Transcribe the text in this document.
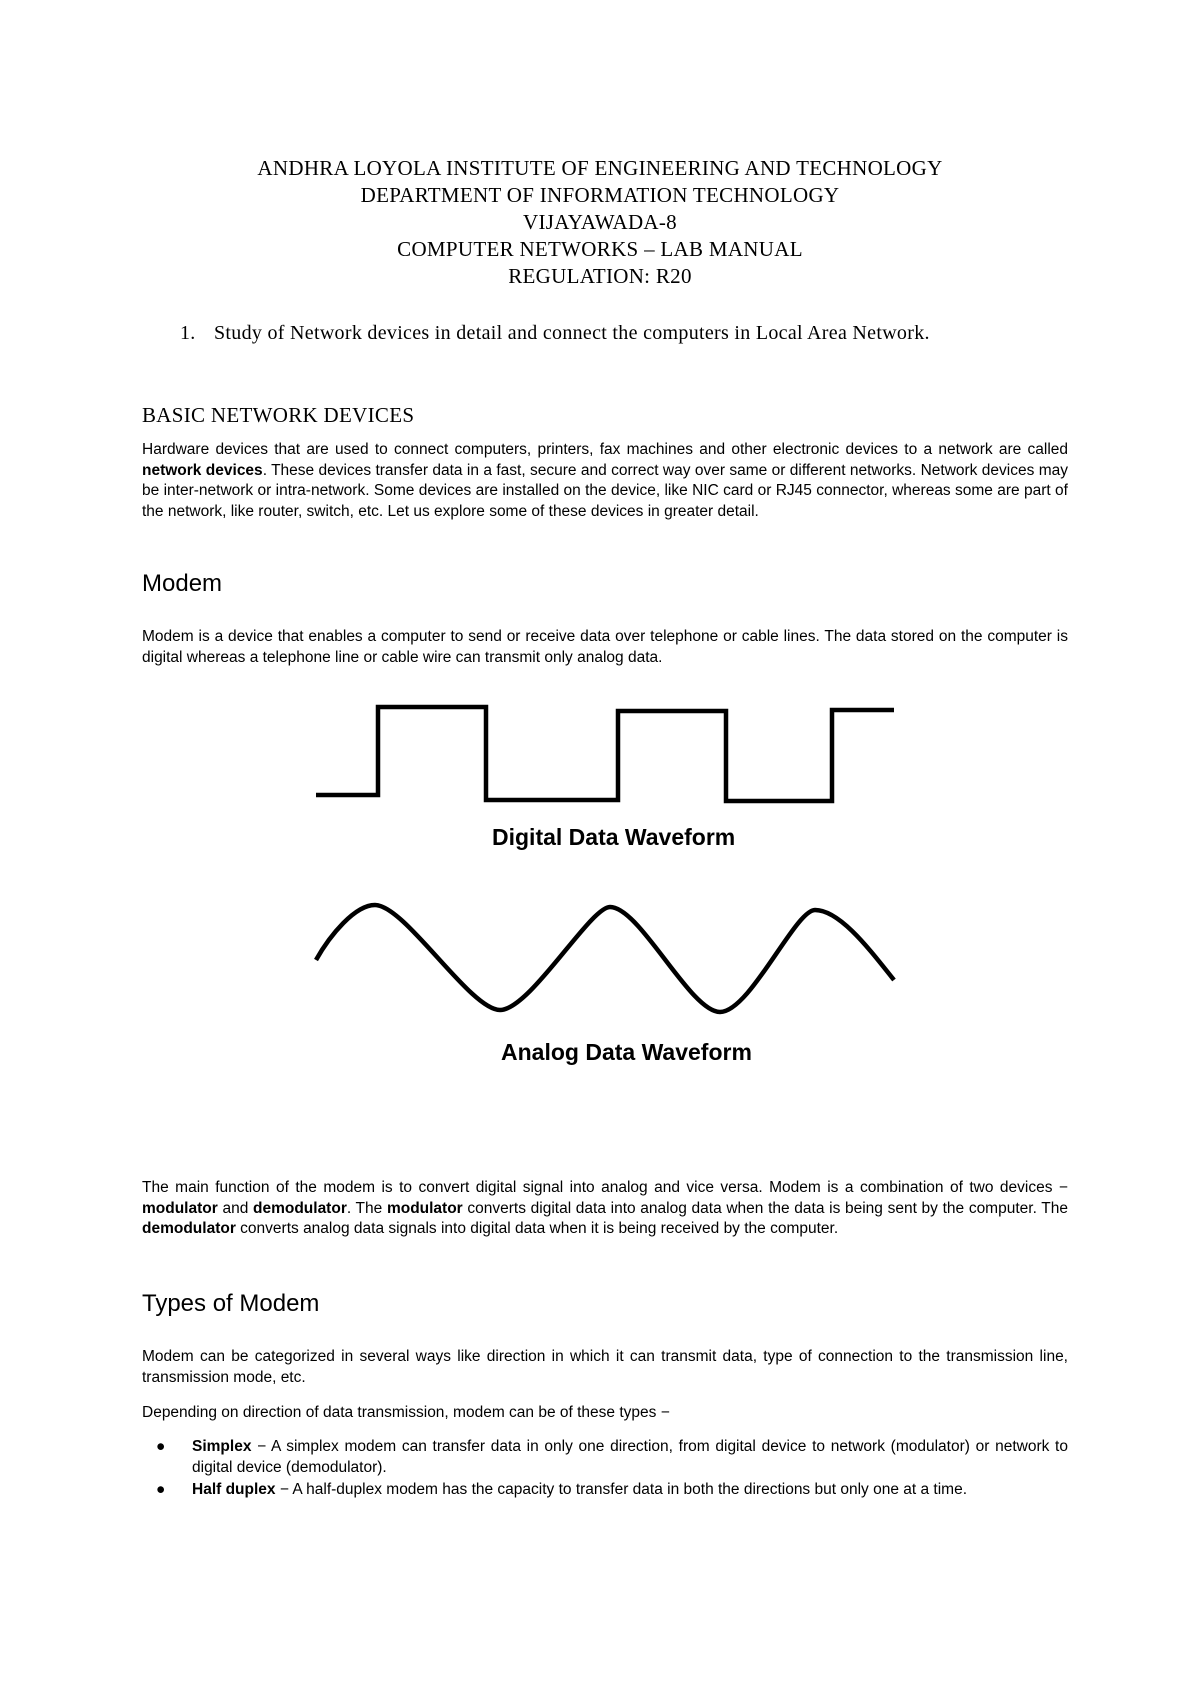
ANDHRA LOYOLA INSTITUTE OF ENGINEERING AND TECHNOLOGY
DEPARTMENT OF INFORMATION TECHNOLOGY
VIJAYAWADA-8
COMPUTER NETWORKS – LAB MANUAL
REGULATION: R20
1. Study of Network devices in detail and connect the computers in Local Area Network.
BASIC NETWORK DEVICES
Hardware devices that are used to connect computers, printers, fax machines and other electronic devices to a network are called network devices. These devices transfer data in a fast, secure and correct way over same or different networks. Network devices may be inter-network or intra-network. Some devices are installed on the device, like NIC card or RJ45 connector, whereas some are part of the network, like router, switch, etc. Let us explore some of these devices in greater detail.
Modem
Modem is a device that enables a computer to send or receive data over telephone or cable lines. The data stored on the computer is digital whereas a telephone line or cable wire can transmit only analog data.
Digital Data Waveform
Analog Data Waveform
The main function of the modem is to convert digital signal into analog and vice versa. Modem is a combination of two devices − modulator and demodulator. The modulator converts digital data into analog data when the data is being sent by the computer. The demodulator converts analog data signals into digital data when it is being received by the computer.
Types of Modem
Modem can be categorized in several ways like direction in which it can transmit data, type of connection to the transmission line, transmission mode, etc.
Depending on direction of data transmission, modem can be of these types −
● Simplex − A simplex modem can transfer data in only one direction, from digital device to network (modulator) or network to digital device (demodulator).
● Half duplex − A half-duplex modem has the capacity to transfer data in both the directions but only one at a time.
